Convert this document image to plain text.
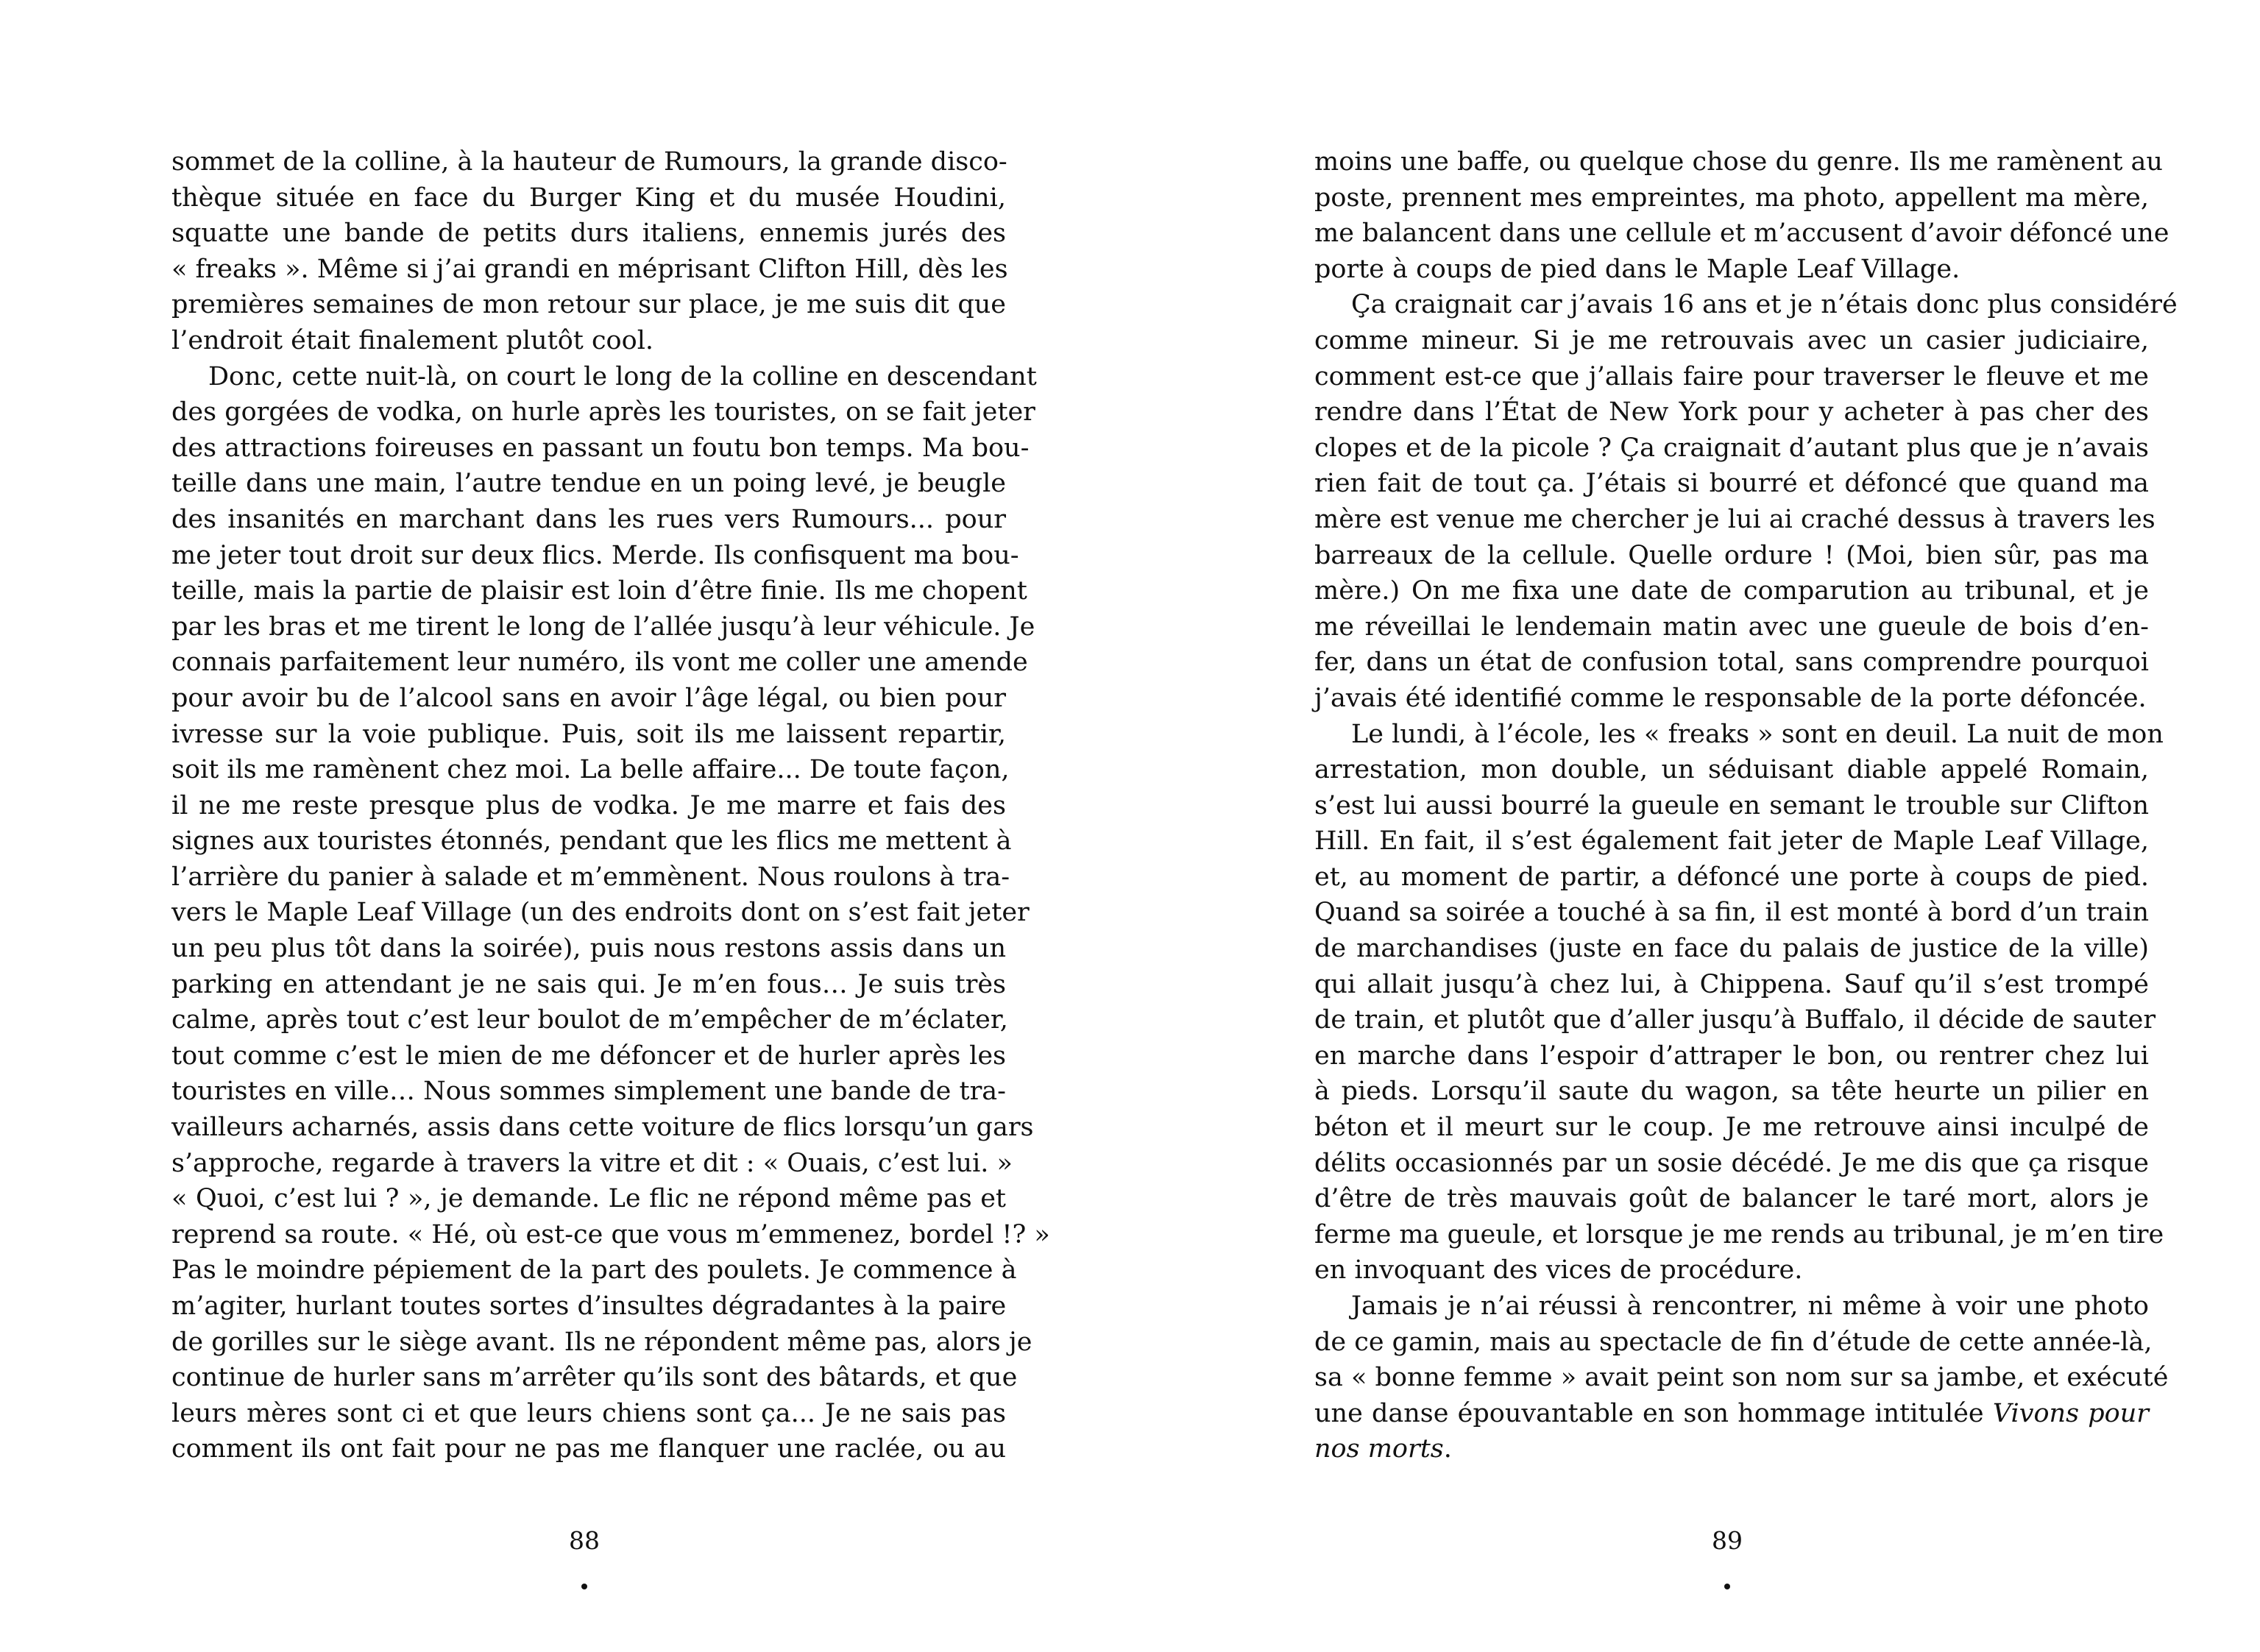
sommet de la colline, à la hauteur de Rumours, la grande disco-
thèque située en face du Burger King et du musée Houdini,
squatte une bande de petits durs italiens, ennemis jurés des
« freaks ». Même si j’ai grandi en méprisant Clifton Hill, dès les
premières semaines de mon retour sur place, je me suis dit que
l’endroit était finalement plutôt cool.
Donc, cette nuit-là, on court le long de la colline en descendant
des gorgées de vodka, on hurle après les touristes, on se fait jeter
des attractions foireuses en passant un foutu bon temps. Ma bou-
teille dans une main, l’autre tendue en un poing levé, je beugle
des insanités en marchant dans les rues vers Rumours... pour
me jeter tout droit sur deux flics. Merde. Ils confisquent ma bou-
teille, mais la partie de plaisir est loin d’être finie. Ils me chopent
par les bras et me tirent le long de l’allée jusqu’à leur véhicule. Je
connais parfaitement leur numéro, ils vont me coller une amende
pour avoir bu de l’alcool sans en avoir l’âge légal, ou bien pour
ivresse sur la voie publique. Puis, soit ils me laissent repartir,
soit ils me ramènent chez moi. La belle affaire... De toute façon,
il ne me reste presque plus de vodka. Je me marre et fais des
signes aux touristes étonnés, pendant que les flics me mettent à
l’arrière du panier à salade et m’emmènent. Nous roulons à tra-
vers le Maple Leaf Village (un des endroits dont on s’est fait jeter
un peu plus tôt dans la soirée), puis nous restons assis dans un
parking en attendant je ne sais qui. Je m’en fous… Je suis très
calme, après tout c’est leur boulot de m’empêcher de m’éclater,
tout comme c’est le mien de me défoncer et de hurler après les
touristes en ville… Nous sommes simplement une bande de tra-
vailleurs acharnés, assis dans cette voiture de flics lorsqu’un gars
s’approche, regarde à travers la vitre et dit : « Ouais, c’est lui. »
« Quoi, c’est lui ? », je demande. Le flic ne répond même pas et
reprend sa route. « Hé, où est-ce que vous m’emmenez, bordel !? »
Pas le moindre pépiement de la part des poulets. Je commence à
m’agiter, hurlant toutes sortes d’insultes dégradantes à la paire
de gorilles sur le siège avant. Ils ne répondent même pas, alors je
continue de hurler sans m’arrêter qu’ils sont des bâtards, et que
leurs mères sont ci et que leurs chiens sont ça... Je ne sais pas
comment ils ont fait pour ne pas me flanquer une raclée, ou au
88
moins une baffe, ou quelque chose du genre. Ils me ramènent au
poste, prennent mes empreintes, ma photo, appellent ma mère,
me balancent dans une cellule et m’accusent d’avoir défoncé une
porte à coups de pied dans le Maple Leaf Village.
Ça craignait car j’avais 16 ans et je n’étais donc plus considéré
comme mineur. Si je me retrouvais avec un casier judiciaire,
comment est-ce que j’allais faire pour traverser le fleuve et me
rendre dans l’État de New York pour y acheter à pas cher des
clopes et de la picole ? Ça craignait d’autant plus que je n’avais
rien fait de tout ça. J’étais si bourré et défoncé que quand ma
mère est venue me chercher je lui ai craché dessus à travers les
barreaux de la cellule. Quelle ordure ! (Moi, bien sûr, pas ma
mère.) On me fixa une date de comparution au tribunal, et je
me réveillai le lendemain matin avec une gueule de bois d’en-
fer, dans un état de confusion total, sans comprendre pourquoi
j’avais été identifié comme le responsable de la porte défoncée.
Le lundi, à l’école, les « freaks » sont en deuil. La nuit de mon
arrestation, mon double, un séduisant diable appelé Romain,
s’est lui aussi bourré la gueule en semant le trouble sur Clifton
Hill. En fait, il s’est également fait jeter de Maple Leaf Village,
et, au moment de partir, a défoncé une porte à coups de pied.
Quand sa soirée a touché à sa fin, il est monté à bord d’un train
de marchandises (juste en face du palais de justice de la ville)
qui allait jusqu’à chez lui, à Chippena. Sauf qu’il s’est trompé
de train, et plutôt que d’aller jusqu’à Buffalo, il décide de sauter
en marche dans l’espoir d’attraper le bon, ou rentrer chez lui
à pieds. Lorsqu’il saute du wagon, sa tête heurte un pilier en
béton et il meurt sur le coup. Je me retrouve ainsi inculpé de
délits occasionnés par un sosie décédé. Je me dis que ça risque
d’être de très mauvais goût de balancer le taré mort, alors je
ferme ma gueule, et lorsque je me rends au tribunal, je m’en tire
en invoquant des vices de procédure.
Jamais je n’ai réussi à rencontrer, ni même à voir une photo
de ce gamin, mais au spectacle de fin d’étude de cette année-là,
sa « bonne femme » avait peint son nom sur sa jambe, et exécuté
une danse épouvantable en son hommage intitulée Vivons pour
nos morts.
89
